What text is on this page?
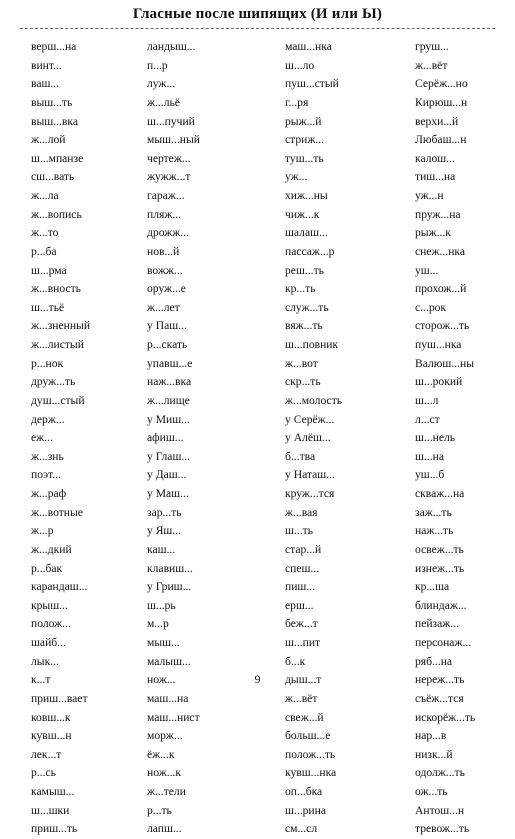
Гласные после шипящих (И или Ы)
верш...на
винт...
ваш...
выш...ть
выш...вка
ж...лой
ш...мпанзе
сш...вать
ж...ла
ж...вопись
ж...то
р...ба
ш...рма
ж...вность
ш...тьё
ж...зненный
ж...листый
р...нок
друж...ть
душ...стый
держ...
еж...
ж...знь
поэт...
ж...раф
ж...вотные
ж...р
ж...дкий
р...бак
карандаш...
крыш...
полож...
шайб...
лык...
к...т
приш...вает
ковш...к
кувш...н
лек...т
р...сь
камыш...
ш...шки
приш...ть
ландыш...
п...р
луж...
ж...льё
ш...пучий
мыш...ный
чертеж...
жужж...т
гараж...
пляж...
дрожж...
нов...й
вожж...
оруж...е
ж...лет
у Паш...
р...скать
упавш...е
наж...вка
ж...лище
у Миш...
афиш...
у Глаш...
у Даш...
у Маш...
зар...ть
у Яш...
каш...
клавиш...
у Гриш...
ш...рь
м...р
мыш...
малыш...
нож...
маш...на
маш...нист
морж...
ёж...к
нож...к
ж...тели
р...ть
лапш...
маш...нка
ш...ло
пуш...стый
г...ря
рыж...й
стриж...
туш...ть
уж...
хиж...ны
чиж...к
шалаш...
пассаж...р
реш...ть
кр...ть
служ...ть
вяж...ть
ш...повник
ж...вот
скр...ть
ж...молость
у Серёж...
у Алёш...
б...тва
у Наташ...
круж...тся
ж...вая
ш...ть
стар...й
спеш...
пиш...
ерш...
беж...т
ш...пит
б...к
дыш...т
ж...вёт
свеж...й
больш...е
полож...ть
кувш...нка
оп...бка
ш...рина
см...сл
груш...
ж...вёт
Серёж...но
Кирюш...н
верхи...й
Любаш...н
калош...
тиш...на
уж...н
пруж...на
рыж...к
снеж...нка
уш...
прохож...й
с...рок
сторож...ть
пуш...нка
Валюш...ны
ш...рокий
ш...л
л...ст
ш...нель
ш...на
уш...б
скваж...на
заж...ть
наж...ть
освеж...ть
изнеж...ть
кр...ша
блиндаж...
пейзаж...
персонаж...
ряб...на
нереж...ть
съёж...тся
искорёж...ть
нар...в
низк...й
одолж...ть
ож...ть
Антош...н
тревож...ть
9
